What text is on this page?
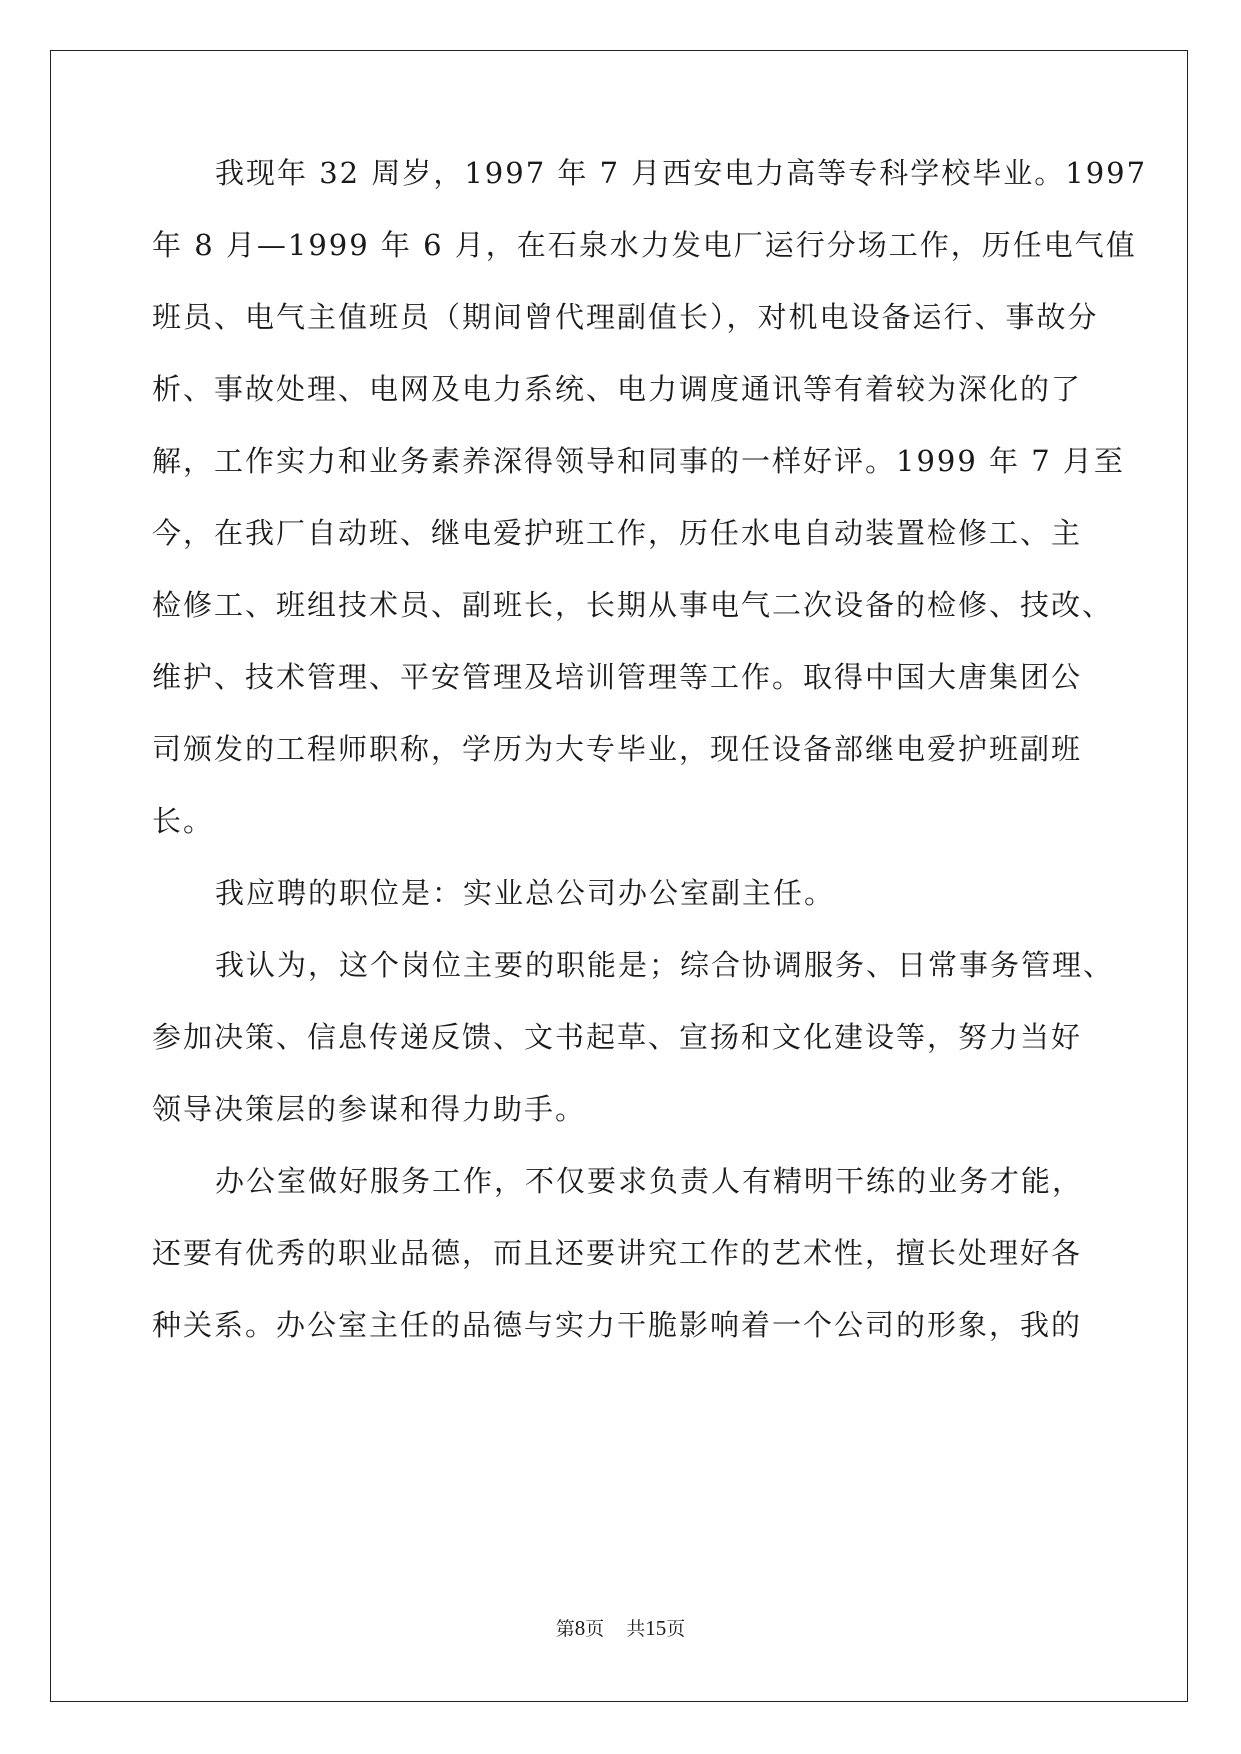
我现年 32 周岁，1997 年 7 月西安电力高等专科学校毕业。1997
年 8 月—1999 年 6 月，在石泉水力发电厂运行分场工作，历任电气值
班员、电气主值班员（期间曾代理副值长），对机电设备运行、事故分
析、事故处理、电网及电力系统、电力调度通讯等有着较为深化的了
解，工作实力和业务素养深得领导和同事的一样好评。1999 年 7 月至
今，在我厂自动班、继电爱护班工作，历任水电自动装置检修工、主
检修工、班组技术员、副班长，长期从事电气二次设备的检修、技改、
维护、技术管理、平安管理及培训管理等工作。取得中国大唐集团公
司颁发的工程师职称，学历为大专毕业，现任设备部继电爱护班副班
长。
我应聘的职位是：实业总公司办公室副主任。
我认为，这个岗位主要的职能是；综合协调服务、日常事务管理、
参加决策、信息传递反馈、文书起草、宣扬和文化建设等，努力当好
领导决策层的参谋和得力助手。
办公室做好服务工作，不仅要求负责人有精明干练的业务才能，
还要有优秀的职业品德，而且还要讲究工作的艺术性，擅长处理好各
种关系。办公室主任的品德与实力干脆影响着一个公司的形象，我的
第8页 共15页
